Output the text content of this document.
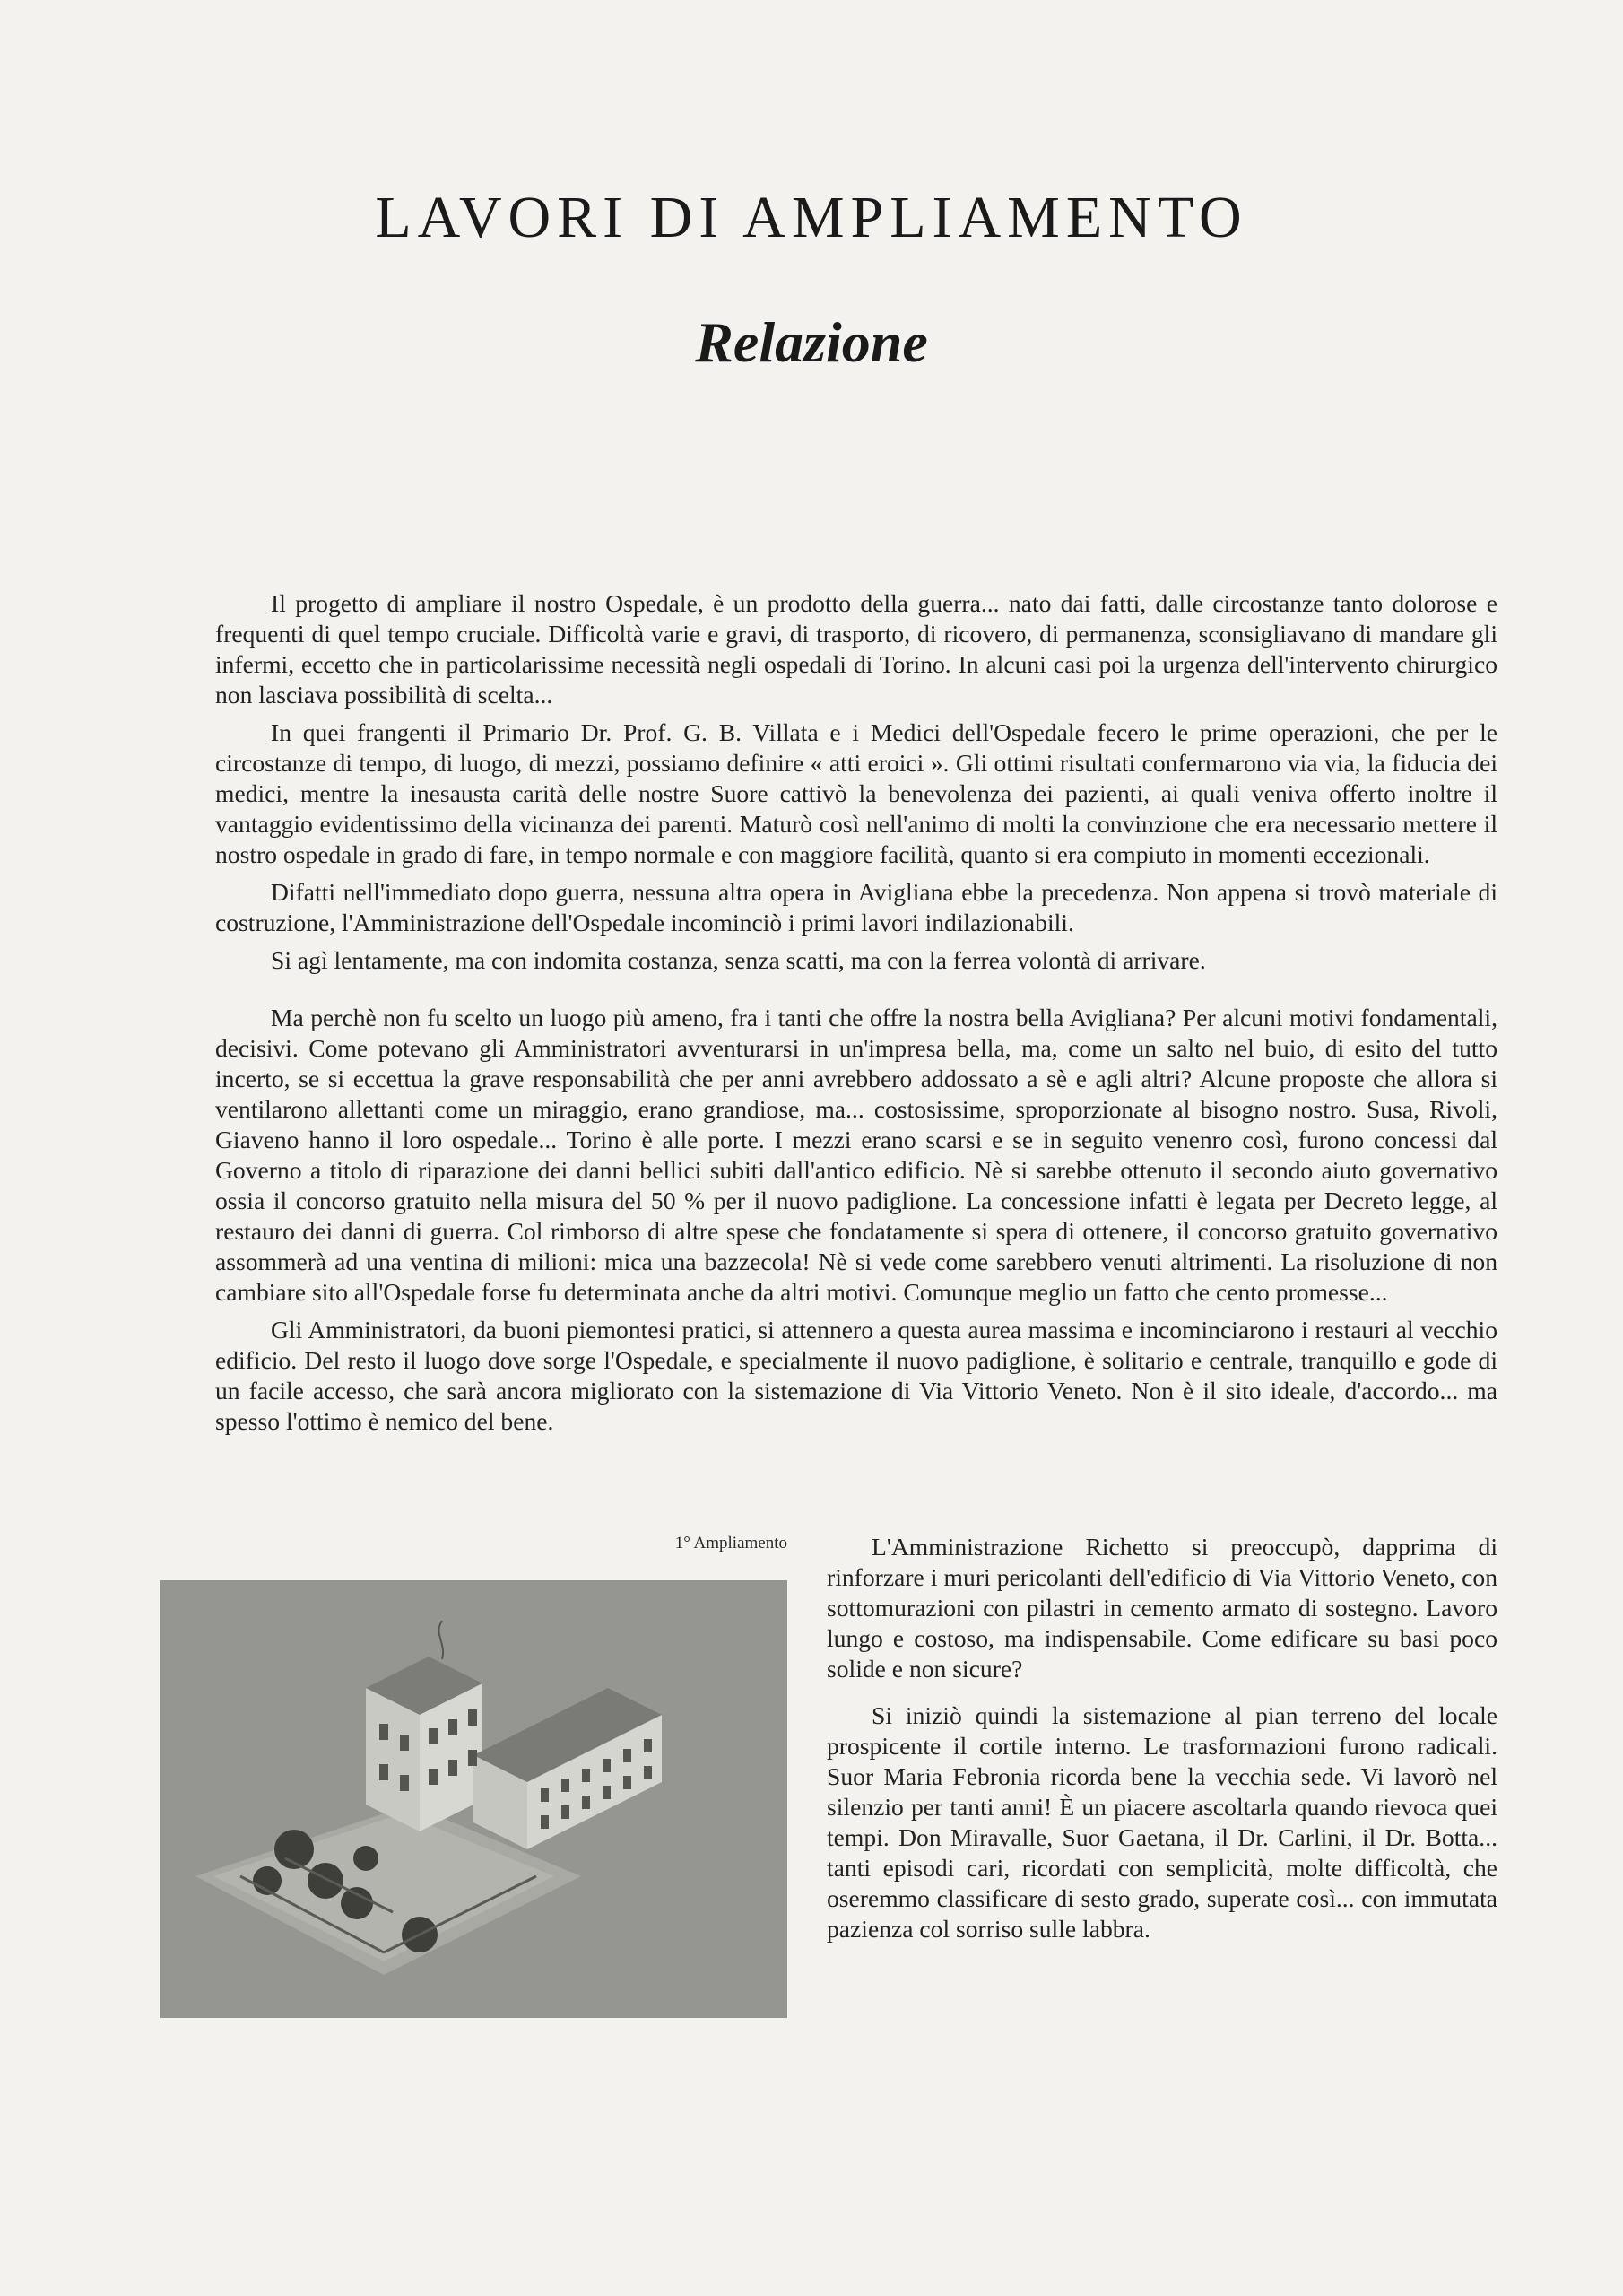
LAVORI DI AMPLIAMENTO
Relazione

Il progetto di ampliare il nostro Ospedale, è un prodotto della guerra... nato dai fatti, dalle circostanze tanto dolorose e frequenti di quel tempo cruciale. Difficoltà varie e gravi, di trasporto, di ricovero, di permanenza, sconsigliavano di mandare gli infermi, eccetto che in particolarissime necessità negli ospedali di Torino. In alcuni casi poi la urgenza dell'intervento chirurgico non lasciava possibilità di scelta...

In quei frangenti il Primario Dr. Prof. G. B. Villata e i Medici dell'Ospedale fecero le prime operazioni, che per le circostanze di tempo, di luogo, di mezzi, possiamo definire « atti eroici ». Gli ottimi risultati confermarono via via, la fiducia dei medici, mentre la inesausta carità delle nostre Suore cattivò la benevolenza dei pazienti, ai quali veniva offerto inoltre il vantaggio evidentissimo della vicinanza dei parenti. Maturò così nell'animo di molti la convinzione che era necessario mettere il nostro ospedale in grado di fare, in tempo normale e con maggiore facilità, quanto si era compiuto in momenti eccezionali.

Difatti nell'immediato dopo guerra, nessuna altra opera in Avigliana ebbe la precedenza. Non appena si trovò materiale di costruzione, l'Amministrazione dell'Ospedale incominciò i primi lavori indilazionabili.

Si agì lentamente, ma con indomita costanza, senza scatti, ma con la ferrea volontà di arrivare.

Ma perchè non fu scelto un luogo più ameno, fra i tanti che offre la nostra bella Avigliana? Per alcuni motivi fondamentali, decisivi. Come potevano gli Amministratori avventurarsi in un'impresa bella, ma, come un salto nel buio, di esito del tutto incerto, se si eccettua la grave responsabilità che per anni avrebbero addossato a sè e agli altri? Alcune proposte che allora si ventilarono allettanti come un miraggio, erano grandiose, ma... costosissime, sproporzionate al bisogno nostro. Susa, Rivoli, Giaveno hanno il loro ospedale... Torino è alle porte. I mezzi erano scarsi e se in seguito venenro così, furono concessi dal Governo a titolo di riparazione dei danni bellici subiti dall'antico edificio. Nè si sarebbe ottenuto il secondo aiuto governativo ossia il concorso gratuito nella misura del 50 % per il nuovo padiglione. La concessione infatti è legata per Decreto legge, al restauro dei danni di guerra. Col rimborso di altre spese che fondatamente si spera di ottenere, il concorso gratuito governativo assommerà ad una ventina di milioni: mica una bazzecola! Nè si vede come sarebbero venuti altrimenti. La risoluzione di non cambiare sito all'Ospedale forse fu determinata anche da altri motivi. Comunque meglio un fatto che cento promesse...

Gli Amministratori, da buoni piemontesi pratici, si attennero a questa aurea massima e incominciarono i restauri al vecchio edificio. Del resto il luogo dove sorge l'Ospedale, e specialmente il nuovo padiglione, è solitario e centrale, tranquillo e gode di un facile accesso, che sarà ancora migliorato con la sistemazione di Via Vittorio Veneto. Non è il sito ideale, d'accordo... ma spesso l'ottimo è nemico del bene.

1° Ampliamento	L'Amministrazione Richetto si preoccupò, dapprima di rinforzare i muri pericolanti dell'edificio di Via Vittorio Veneto, con sottomurazioni con pilastri in cemento armato di sostegno. Lavoro lungo e costoso, ma indispensabile. Come edificare su basi poco solide e non sicure?

Si iniziò quindi la sistemazione al pian terreno del locale prospicente il cortile interno. Le trasformazioni furono radicali. Suor Maria Febronia ricorda bene la vecchia sede. Vi lavorò nel silenzio per tanti anni! È un piacere ascoltarla quando rievoca quei tempi. Don Miravalle, Suor Gaetana, il Dr. Carlini, il Dr. Botta... tanti episodi cari, ricordati con semplicità, molte difficoltà, che oseremmo classificare di sesto grado, superate così... con immutata pazienza col sorriso sulle labbra.
